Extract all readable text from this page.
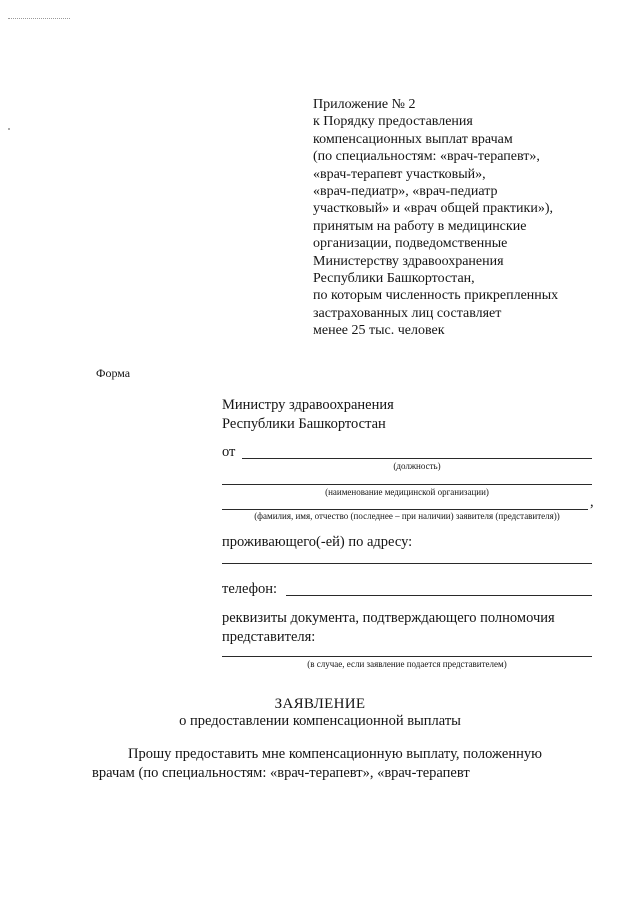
Приложение № 2
к Порядку предоставления
компенсационных выплат врачам
(по специальностям: «врач-терапевт»,
«врач-терапевт участковый»,
«врач-педиатр», «врач-педиатр
участковый» и «врач общей практики»),
принятым на работу в медицинские
организации, подведомственные
Министерству здравоохранения
Республики Башкортостан,
по которым численность прикрепленных
застрахованных лиц составляет
менее 25 тыс. человек
Форма
Министру здравоохранения
Республики Башкортостан
от
(должность)
(наименование медицинской организации)
,
(фамилия, имя, отчество (последнее – при наличии) заявителя (представителя))
проживающего(-ей) по адресу:
телефон:
реквизиты документа, подтверждающего полномочия
представителя:
(в случае, если заявление подается представителем)
ЗАЯВЛЕНИЕ
о предоставлении компенсационной выплаты
Прошу предоставить мне компенсационную выплату, положенную
врачам (по специальностям: «врач-терапевт», «врач-терапевт
